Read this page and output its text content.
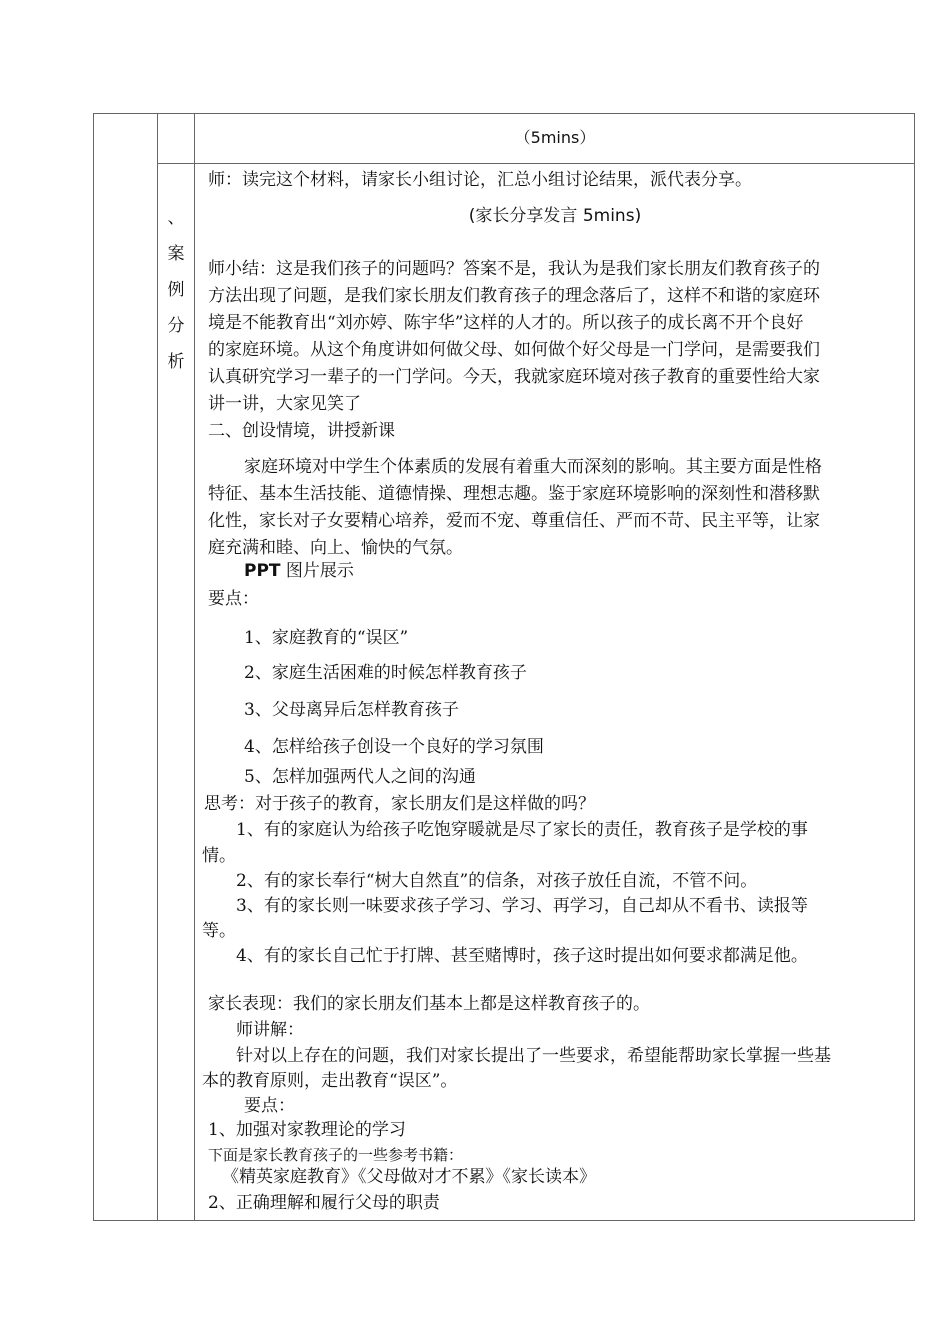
（5mins）
、
案
例
分
析
师：读完这个材料，请家长小组讨论，汇总小组讨论结果，派代表分享。
(家长分享发言 5mins)
师小结：这是我们孩子的问题吗？答案不是，我认为是我们家长朋友们教育孩子的
方法出现了问题，是我们家长朋友们教育孩子的理念落后了，这样不和谐的家庭环
境是不能教育出“刘亦婷、陈宇华”这样的人才的。所以孩子的成长离不开个良好
的家庭环境。从这个角度讲如何做父母、如何做个好父母是一门学问，是需要我们
认真研究学习一辈子的一门学问。今天，我就家庭环境对孩子教育的重要性给大家
讲一讲，大家见笑了
二、创设情境，讲授新课
家庭环境对中学生个体素质的发展有着重大而深刻的影响。其主要方面是性格
特征、基本生活技能、道德情操、理想志趣。鉴于家庭环境影响的深刻性和潜移默
化性，家长对子女要精心培养，爱而不宠、尊重信任、严而不苛、民主平等，让家
庭充满和睦、向上、愉快的气氛。
PPT 图片展示
要点：
1、家庭教育的“误区”
2、家庭生活困难的时候怎样教育孩子
3、父母离异后怎样教育孩子
4、怎样给孩子创设一个良好的学习氛围
5、怎样加强两代人之间的沟通
思考：对于孩子的教育，家长朋友们是这样做的吗？
1、有的家庭认为给孩子吃饱穿暖就是尽了家长的责任，教育孩子是学校的事
情。
2、有的家长奉行“树大自然直”的信条，对孩子放任自流，不管不问。
3、有的家长则一味要求孩子学习、学习、再学习，自己却从不看书、读报等
等。
4、有的家长自己忙于打牌、甚至赌博时，孩子这时提出如何要求都满足他。
家长表现：我们的家长朋友们基本上都是这样教育孩子的。
师讲解：
针对以上存在的问题，我们对家长提出了一些要求，希望能帮助家长掌握一些基
本的教育原则，走出教育“误区”。
要点：
1、加强对家教理论的学习
下面是家长教育孩子的一些参考书籍：
《精英家庭教育》《父母做对才不累》《家长读本》
2、正确理解和履行父母的职责
